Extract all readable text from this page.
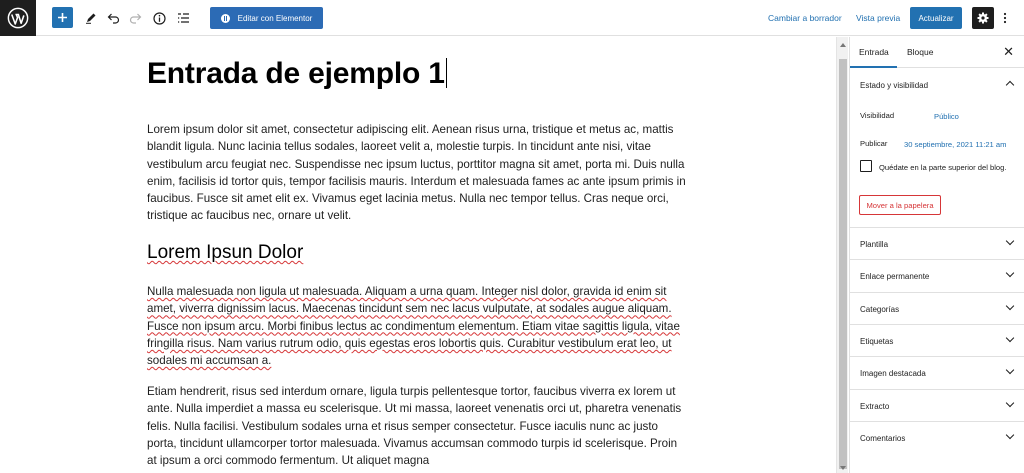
Editar con Elementor	Cambiar a borrador Vista previa Actualizar
Entrada de ejemplo 1

Lorem ipsum dolor sit amet, consectetur adipiscing elit. Aenean risus urna, tristique et metus ac, mattis blandit ligula. Nunc lacinia tellus sodales, laoreet velit a, molestie turpis. In tincidunt ante nisi, vitae vestibulum arcu feugiat nec. Suspendisse nec ipsum luctus, porttitor magna sit amet, porta mi. Duis nulla enim, facilisis id tortor quis, tempor facilisis mauris. Interdum et malesuada fames ac ante ipsum primis in faucibus. Fusce sit amet elit ex. Vivamus eget lacinia metus. Nulla nec tempor tellus. Cras neque orci, tristique ac faucibus nec, ornare ut velit.

Lorem Ipsun Dolor

Nulla malesuada non ligula ut malesuada. Aliquam a urna quam. Integer nisl dolor, gravida id enim sit amet, viverra dignissim lacus. Maecenas tincidunt sem nec lacus vulputate, at sodales augue aliquam. Fusce non ipsum arcu. Morbi finibus lectus ac condimentum elementum. Etiam vitae sagittis ligula, vitae fringilla risus. Nam varius rutrum odio, quis egestas eros lobortis quis. Curabitur vestibulum erat leo, ut sodales mi accumsan a.

Etiam hendrerit, risus sed interdum ornare, ligula turpis pellentesque tortor, faucibus viverra ex lorem ut ante. Nulla imperdiet a massa eu scelerisque. Ut mi massa, laoreet venenatis orci ut, pharetra venenatis felis. Nulla facilisi. Vestibulum sodales urna et risus semper consectetur. Fusce iaculis nunc ac justo porta, tincidunt ullamcorper tortor malesuada. Vivamus accumsan commodo turpis id scelerisque. Proin at ipsum a orci commodo fermentum. Ut aliquet magna

Entrada Bloque	✕
Estado y visibilidad
Visibilidad	Público
Publicar 30 septiembre, 2021 11:21 am
Quédate en la parte superior del blog.
Mover a la papelera
Plantilla
Enlace permanente
Categorías
Etiquetas
Imagen destacada
Extracto
Comentarios
